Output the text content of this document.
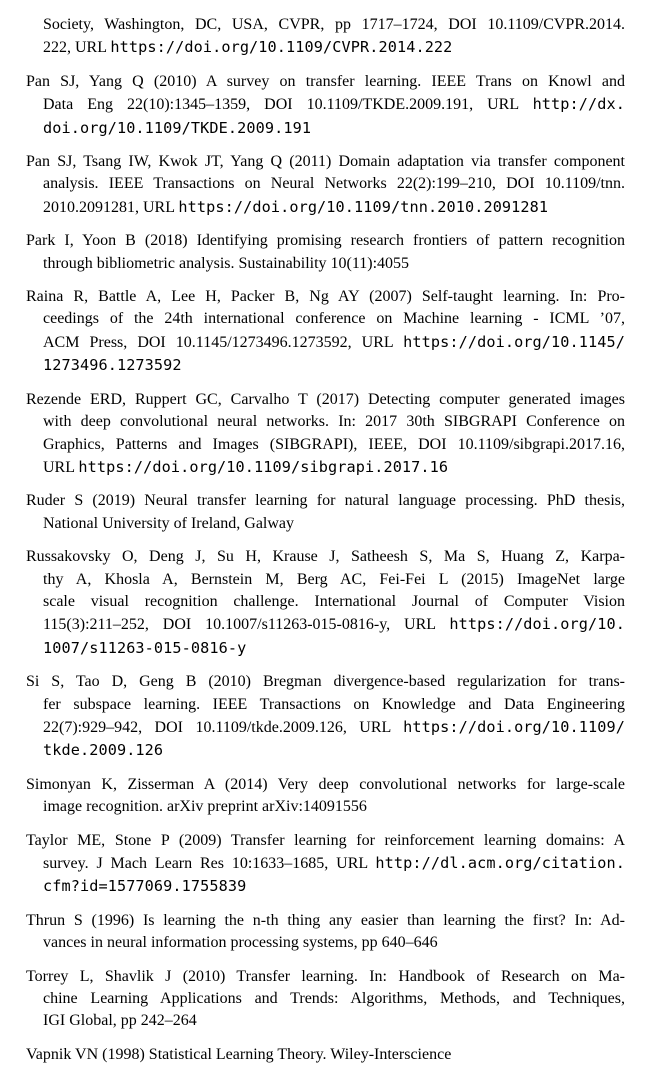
Society, Washington, DC, USA, CVPR, pp 1717–1724, DOI 10.1109/CVPR.2014.
222, URL https://doi.org/10.1109/CVPR.2014.222
Pan SJ, Yang Q (2010) A survey on transfer learning. IEEE Trans on Knowl and
Data Eng 22(10):1345–1359, DOI 10.1109/TKDE.2009.191, URL http://dx.
doi.org/10.1109/TKDE.2009.191
Pan SJ, Tsang IW, Kwok JT, Yang Q (2011) Domain adaptation via transfer component
analysis. IEEE Transactions on Neural Networks 22(2):199–210, DOI 10.1109/tnn.
2010.2091281, URL https://doi.org/10.1109/tnn.2010.2091281
Park I, Yoon B (2018) Identifying promising research frontiers of pattern recognition
through bibliometric analysis. Sustainability 10(11):4055
Raina R, Battle A, Lee H, Packer B, Ng AY (2007) Self-taught learning. In: Pro-
ceedings of the 24th international conference on Machine learning - ICML ’07,
ACM Press, DOI 10.1145/1273496.1273592, URL https://doi.org/10.1145/
1273496.1273592
Rezende ERD, Ruppert GC, Carvalho T (2017) Detecting computer generated images
with deep convolutional neural networks. In: 2017 30th SIBGRAPI Conference on
Graphics, Patterns and Images (SIBGRAPI), IEEE, DOI 10.1109/sibgrapi.2017.16,
URL https://doi.org/10.1109/sibgrapi.2017.16
Ruder S (2019) Neural transfer learning for natural language processing. PhD thesis,
National University of Ireland, Galway
Russakovsky O, Deng J, Su H, Krause J, Satheesh S, Ma S, Huang Z, Karpa-
thy A, Khosla A, Bernstein M, Berg AC, Fei-Fei L (2015) ImageNet large
scale visual recognition challenge. International Journal of Computer Vision
115(3):211–252, DOI 10.1007/s11263-015-0816-y, URL https://doi.org/10.
1007/s11263-015-0816-y
Si S, Tao D, Geng B (2010) Bregman divergence-based regularization for trans-
fer subspace learning. IEEE Transactions on Knowledge and Data Engineering
22(7):929–942, DOI 10.1109/tkde.2009.126, URL https://doi.org/10.1109/
tkde.2009.126
Simonyan K, Zisserman A (2014) Very deep convolutional networks for large-scale
image recognition. arXiv preprint arXiv:14091556
Taylor ME, Stone P (2009) Transfer learning for reinforcement learning domains: A
survey. J Mach Learn Res 10:1633–1685, URL http://dl.acm.org/citation.
cfm?id=1577069.1755839
Thrun S (1996) Is learning the n-th thing any easier than learning the first? In: Ad-
vances in neural information processing systems, pp 640–646
Torrey L, Shavlik J (2010) Transfer learning. In: Handbook of Research on Ma-
chine Learning Applications and Trends: Algorithms, Methods, and Techniques,
IGI Global, pp 242–264
Vapnik VN (1998) Statistical Learning Theory. Wiley-Interscience
